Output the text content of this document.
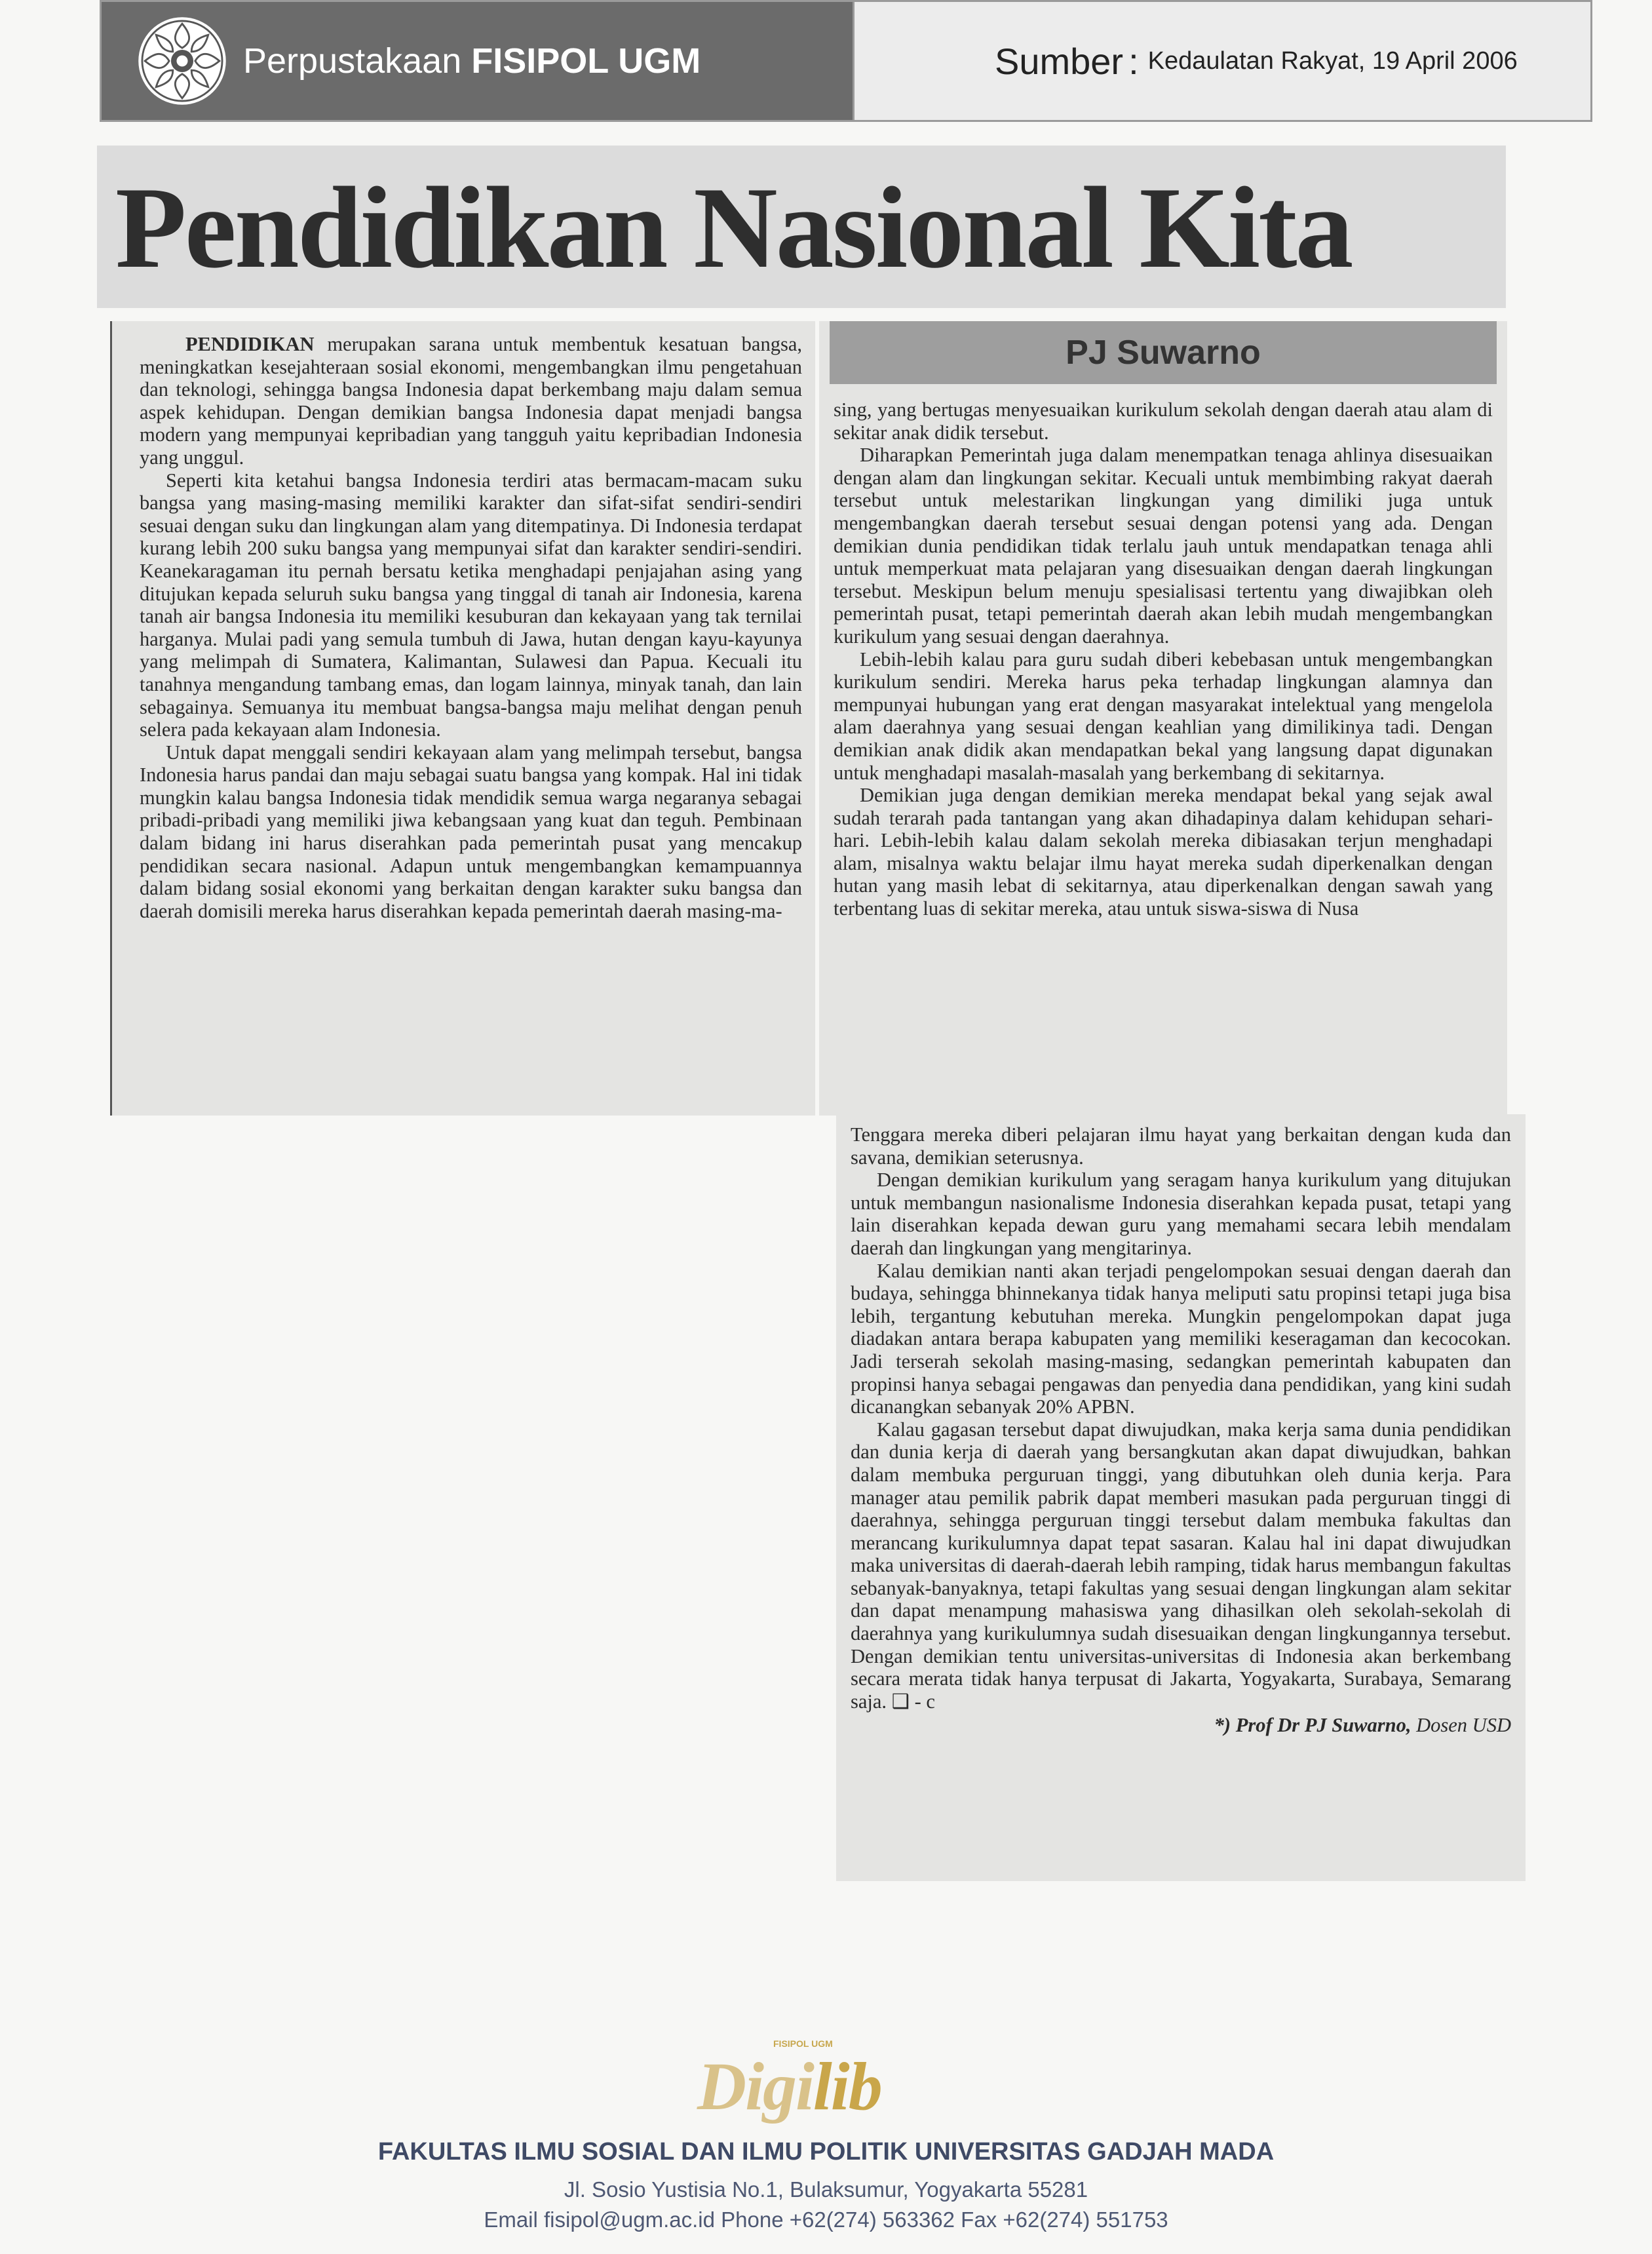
Perpustakaan FISIPOL UGM	Sumber : Kedaulatan Rakyat, 19 April 2006
Pendidikan Nasional Kita

PENDIDIKAN merupakan sarana untuk membentuk kesatuan bangsa, meningkatkan kesejahteraan sosial ekonomi, mengembangkan ilmu pengetahuan dan teknologi, sehingga bangsa Indonesia dapat berkembang maju dalam semua aspek kehidupan. Dengan demikian bangsa Indonesia dapat menjadi bangsa modern yang mempunyai kepribadian yang tangguh yaitu kepribadian Indonesia yang unggul.

Seperti kita ketahui bangsa Indonesia terdiri atas bermacam-macam suku bangsa yang masing-masing memiliki karakter dan sifat-sifat sendiri-sendiri sesuai dengan suku dan lingkungan alam yang ditempatinya. Di Indonesia terdapat kurang lebih 200 suku bangsa yang mempunyai sifat dan karakter sendiri-sendiri. Keanekaragaman itu pernah bersatu ketika menghadapi penjajahan asing yang ditujukan kepada seluruh suku bangsa yang tinggal di tanah air Indonesia, karena tanah air bangsa Indonesia itu memiliki kesuburan dan kekayaan yang tak ternilai harganya. Mulai padi yang semula tumbuh di Jawa, hutan dengan kayu-kayunya yang melimpah di Sumatera, Kalimantan, Sulawesi dan Papua. Kecuali itu tanahnya mengandung tambang emas, dan logam lainnya, minyak tanah, dan lain sebagainya. Semuanya itu membuat bangsa-bangsa maju melihat dengan penuh selera pada kekayaan alam Indonesia.

Untuk dapat menggali sendiri kekayaan alam yang melimpah tersebut, bangsa Indonesia harus pandai dan maju sebagai suatu bangsa yang kompak. Hal ini tidak mungkin kalau bangsa Indonesia tidak mendidik semua warga negaranya sebagai pribadi-pribadi yang memiliki jiwa kebangsaan yang kuat dan teguh. Pembinaan dalam bidang ini harus diserahkan pada pemerintah pusat yang mencakup pendidikan secara nasional. Adapun untuk mengembangkan kemampuannya dalam bidang sosial ekonomi yang berkaitan dengan karakter suku bangsa dan daerah domisili mereka harus diserahkan kepada pemerintah daerah masing-ma-

PJ Suwarno

sing, yang bertugas menyesuaikan kurikulum sekolah dengan daerah atau alam di sekitar anak didik tersebut.

Diharapkan Pemerintah juga dalam menempatkan tenaga ahlinya disesuaikan dengan alam dan lingkungan sekitar. Kecuali untuk membimbing rakyat daerah tersebut untuk melestarikan lingkungan yang dimiliki juga untuk mengembangkan daerah tersebut sesuai dengan potensi yang ada. Dengan demikian dunia pendidikan tidak terlalu jauh untuk mendapatkan tenaga ahli untuk memperkuat mata pelajaran yang disesuaikan dengan daerah lingkungan tersebut. Meskipun belum menuju spesialisasi tertentu yang diwajibkan oleh pemerintah pusat, tetapi pemerintah daerah akan lebih mudah mengembangkan kurikulum yang sesuai dengan daerahnya.

Lebih-lebih kalau para guru sudah diberi kebebasan untuk mengembangkan kurikulum sendiri. Mereka harus peka terhadap lingkungan alamnya dan mempunyai hubungan yang erat dengan masyarakat intelektual yang mengelola alam daerahnya yang sesuai dengan keahlian yang dimilikinya tadi. Dengan demikian anak didik akan mendapatkan bekal yang langsung dapat digunakan untuk menghadapi masalah-masalah yang berkembang di sekitarnya.

Demikian juga dengan demikian mereka mendapat bekal yang sejak awal sudah terarah pada tantangan yang akan dihadapinya dalam kehidupan sehari-hari. Lebih-lebih kalau dalam sekolah mereka dibiasakan terjun menghadapi alam, misalnya waktu belajar ilmu hayat mereka sudah diperkenalkan dengan hutan yang masih lebat di sekitarnya, atau diperkenalkan dengan sawah yang terbentang luas di sekitar mereka, atau untuk siswa-siswa di Nusa

Tenggara mereka diberi pelajaran ilmu hayat yang berkaitan dengan kuda dan savana, demikian seterusnya.

Dengan demikian kurikulum yang seragam hanya kurikulum yang ditujukan untuk membangun nasionalisme Indonesia diserahkan kepada pusat, tetapi yang lain diserahkan kepada dewan guru yang memahami secara lebih mendalam daerah dan lingkungan yang mengitarinya.

Kalau demikian nanti akan terjadi pengelompokan sesuai dengan daerah dan budaya, sehingga bhinnekanya tidak hanya meliputi satu propinsi tetapi juga bisa lebih, tergantung kebutuhan mereka. Mungkin pengelompokan dapat juga diadakan antara berapa kabupaten yang memiliki keseragaman dan kecocokan. Jadi terserah sekolah masing-masing, sedangkan pemerintah kabupaten dan propinsi hanya sebagai pengawas dan penyedia dana pendidikan, yang kini sudah dicanangkan sebanyak 20% APBN.

Kalau gagasan tersebut dapat diwujudkan, maka kerja sama dunia pendidikan dan dunia kerja di daerah yang bersangkutan akan dapat diwujudkan, bahkan dalam membuka perguruan tinggi, yang dibutuhkan oleh dunia kerja. Para manager atau pemilik pabrik dapat memberi masukan pada perguruan tinggi di daerahnya, sehingga perguruan tinggi tersebut dalam membuka fakultas dan merancang kurikulumnya dapat tepat sasaran. Kalau hal ini dapat diwujudkan maka universitas di daerah-daerah lebih ramping, tidak harus membangun fakultas sebanyak-banyaknya, tetapi fakultas yang sesuai dengan lingkungan alam sekitar dan dapat menampung mahasiswa yang dihasilkan oleh sekolah-sekolah di daerahnya yang kurikulumnya sudah disesuaikan dengan lingkungannya tersebut. Dengan demikian tentu universitas-universitas di Indonesia akan berkembang secara merata tidak hanya terpusat di Jakarta, Yogyakarta, Surabaya, Semarang saja. ❑ - c

*) Prof Dr PJ Suwarno, Dosen USD
FISIPOL UGM
Digilib
FAKULTAS ILMU SOSIAL DAN ILMU POLITIK UNIVERSITAS GADJAH MADA
Jl. Sosio Yustisia No.1, Bulaksumur, Yogyakarta 55281
Email fisipol@ugm.ac.id Phone +62(274) 563362 Fax +62(274) 551753
